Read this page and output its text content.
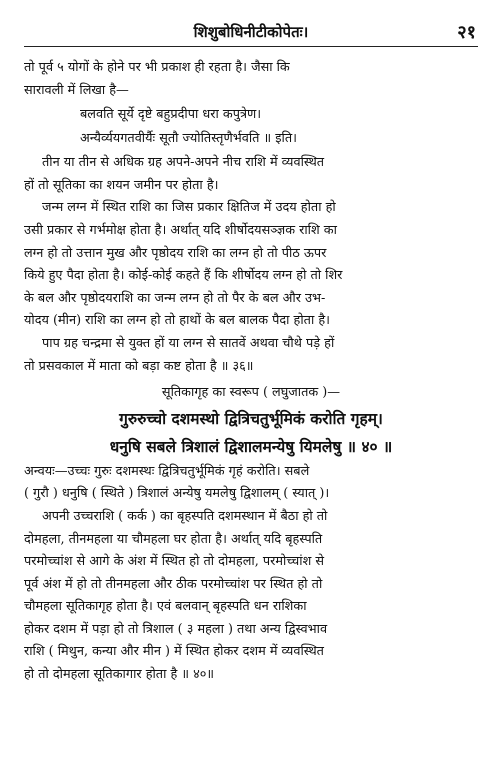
शिशुबोधिनीटीकोपेतः।	२१

तो पूर्व ५ योगों के होने पर भी प्रकाश ही रहता है। जैसा कि

सारावली में लिखा है—

बलवति सूर्ये दृष्टे बहुप्रदीपा धरा कपुत्रेण।
अन्यैर्व्ययगतवीर्यैः सूतौ ज्योतिस्तृणैर्भवति ॥ इति।

तीन या तीन से अधिक ग्रह अपने-अपने नीच राशि में व्यवस्थित

हों तो सूतिका का शयन जमीन पर होता है।

जन्म लग्न में स्थित राशि का जिस प्रकार क्षितिज में उदय होता हो

उसी प्रकार से गर्भमोक्ष होता है। अर्थात् यदि शीर्षोदयसञ्ज्ञक राशि का

लग्न हो तो उत्तान मुख और पृष्ठोदय राशि का लग्न हो तो पीठ ऊपर

किये हुए पैदा होता है। कोई-कोई कहते हैं कि शीर्षोदय लग्न हो तो शिर

के बल और पृष्ठोदयराशि का जन्म लग्न हो तो पैर के बल और उभ-

योदय (मीन) राशि का लग्न हो तो हाथों के बल बालक पैदा होता है।

पाप ग्रह चन्द्रमा से युक्त हों या लग्न से सातवें अथवा चौथे पड़े हों

तो प्रसवकाल में माता को बड़ा कष्ट होता है ॥ ३६॥

सूतिकागृह का स्वरूप ( लघुजातक )—
गुरुरुच्चो दशमस्थो द्वित्रिचतुर्भूमिकं करोति गृहम्।
धनुषि सबले त्रिशालं द्विशालमन्येषु यिमलेषु ॥ ४० ॥

अन्वयः—उच्चः गुरुः दशमस्थः द्वित्रिचतुर्भूमिकं गृहं करोति। सबले

( गुरौ ) धनुषि ( स्थिते ) त्रिशालं अन्येषु यमलेषु द्विशालम् ( स्यात् )।

अपनी उच्चराशि ( कर्क ) का बृहस्पति दशमस्थान में बैठा हो तो

दोमहला, तीनमहला या चौमहला घर होता है। अर्थात् यदि बृहस्पति

परमोच्चांश से आगे के अंश में स्थित हो तो दोमहला, परमोच्चांश से

पूर्व अंश में हो तो तीनमहला और ठीक परमोच्चांश पर स्थित हो तो

चौमहला सूतिकागृह होता है। एवं बलवान् बृहस्पति धन राशिका

होकर दशम में पड़ा हो तो त्रिशाल ( ३ महला ) तथा अन्य द्विस्वभाव

राशि ( मिथुन, कन्या और मीन ) में स्थित होकर दशम में व्यवस्थित

हो तो दोमहला सूतिकागार होता है ॥ ४०॥
